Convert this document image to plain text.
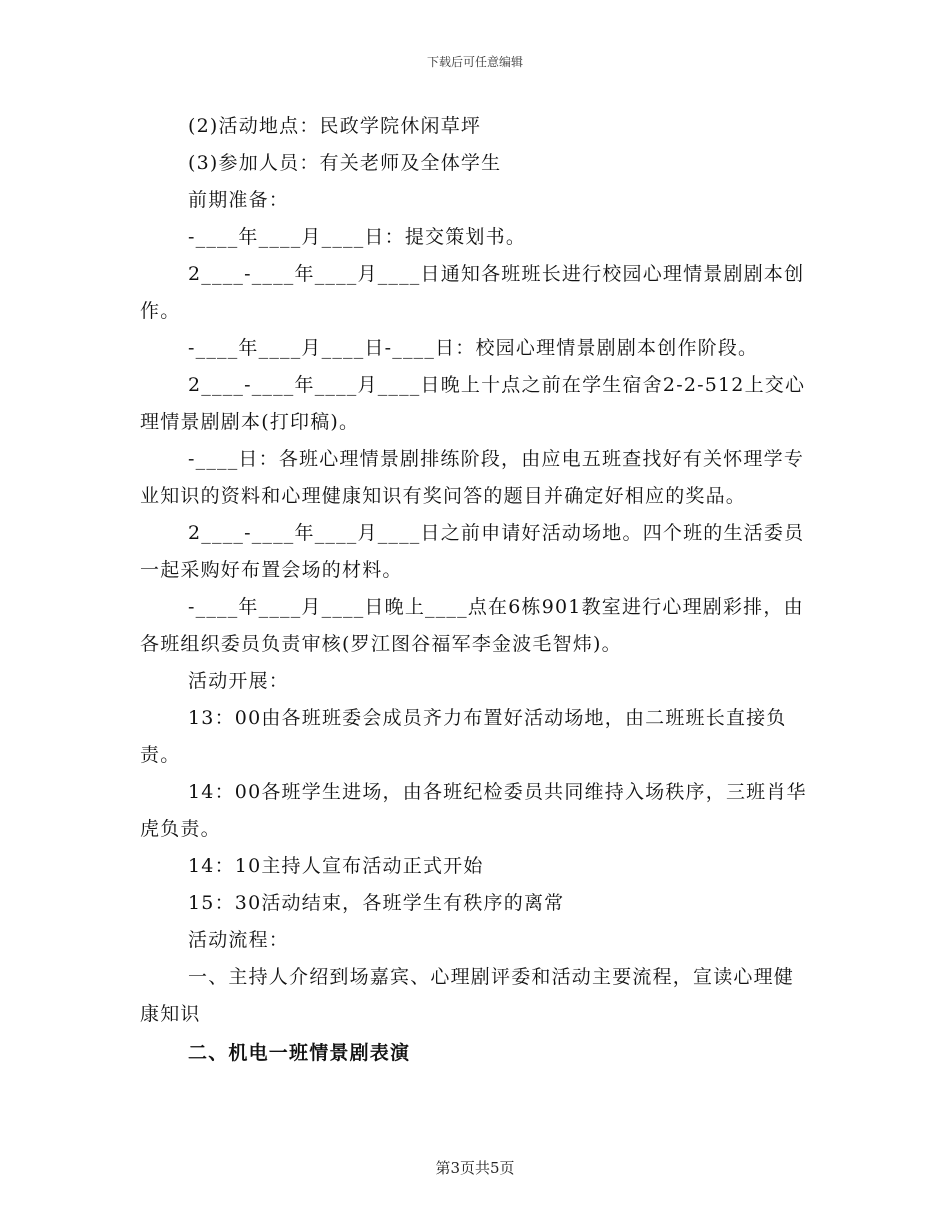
下载后可任意编辑

(2)活动地点：民政学院休闲草坪

(3)参加人员：有关老师及全体学生

前期准备：

-____年____月____日：提交策划书。

2____-____年____月____日通知各班班长进行校园心理情景剧剧本创作。

-____年____月____日-____日：校园心理情景剧剧本创作阶段。

2____-____年____月____日晚上十点之前在学生宿舍2-2-512上交心理情景剧剧本(打印稿)。

-____日：各班心理情景剧排练阶段，由应电五班查找好有关怀理学专业知识的资料和心理健康知识有奖问答的题目并确定好相应的奖品。

2____-____年____月____日之前申请好活动场地。四个班的生活委员一起采购好布置会场的材料。

-____年____月____日晚上____点在6栋901教室进行心理剧彩排，由各班组织委员负责审核(罗江图谷福军李金波毛智炜)。

活动开展：

13：00由各班班委会成员齐力布置好活动场地，由二班班长直接负责。

14：00各班学生进场，由各班纪检委员共同维持入场秩序，三班肖华虎负责。

14：10主持人宣布活动正式开始

15：30活动结束，各班学生有秩序的离常

活动流程：

一、主持人介绍到场嘉宾、心理剧评委和活动主要流程，宣读心理健康知识

二、机电一班情景剧表演

第3页共5页
